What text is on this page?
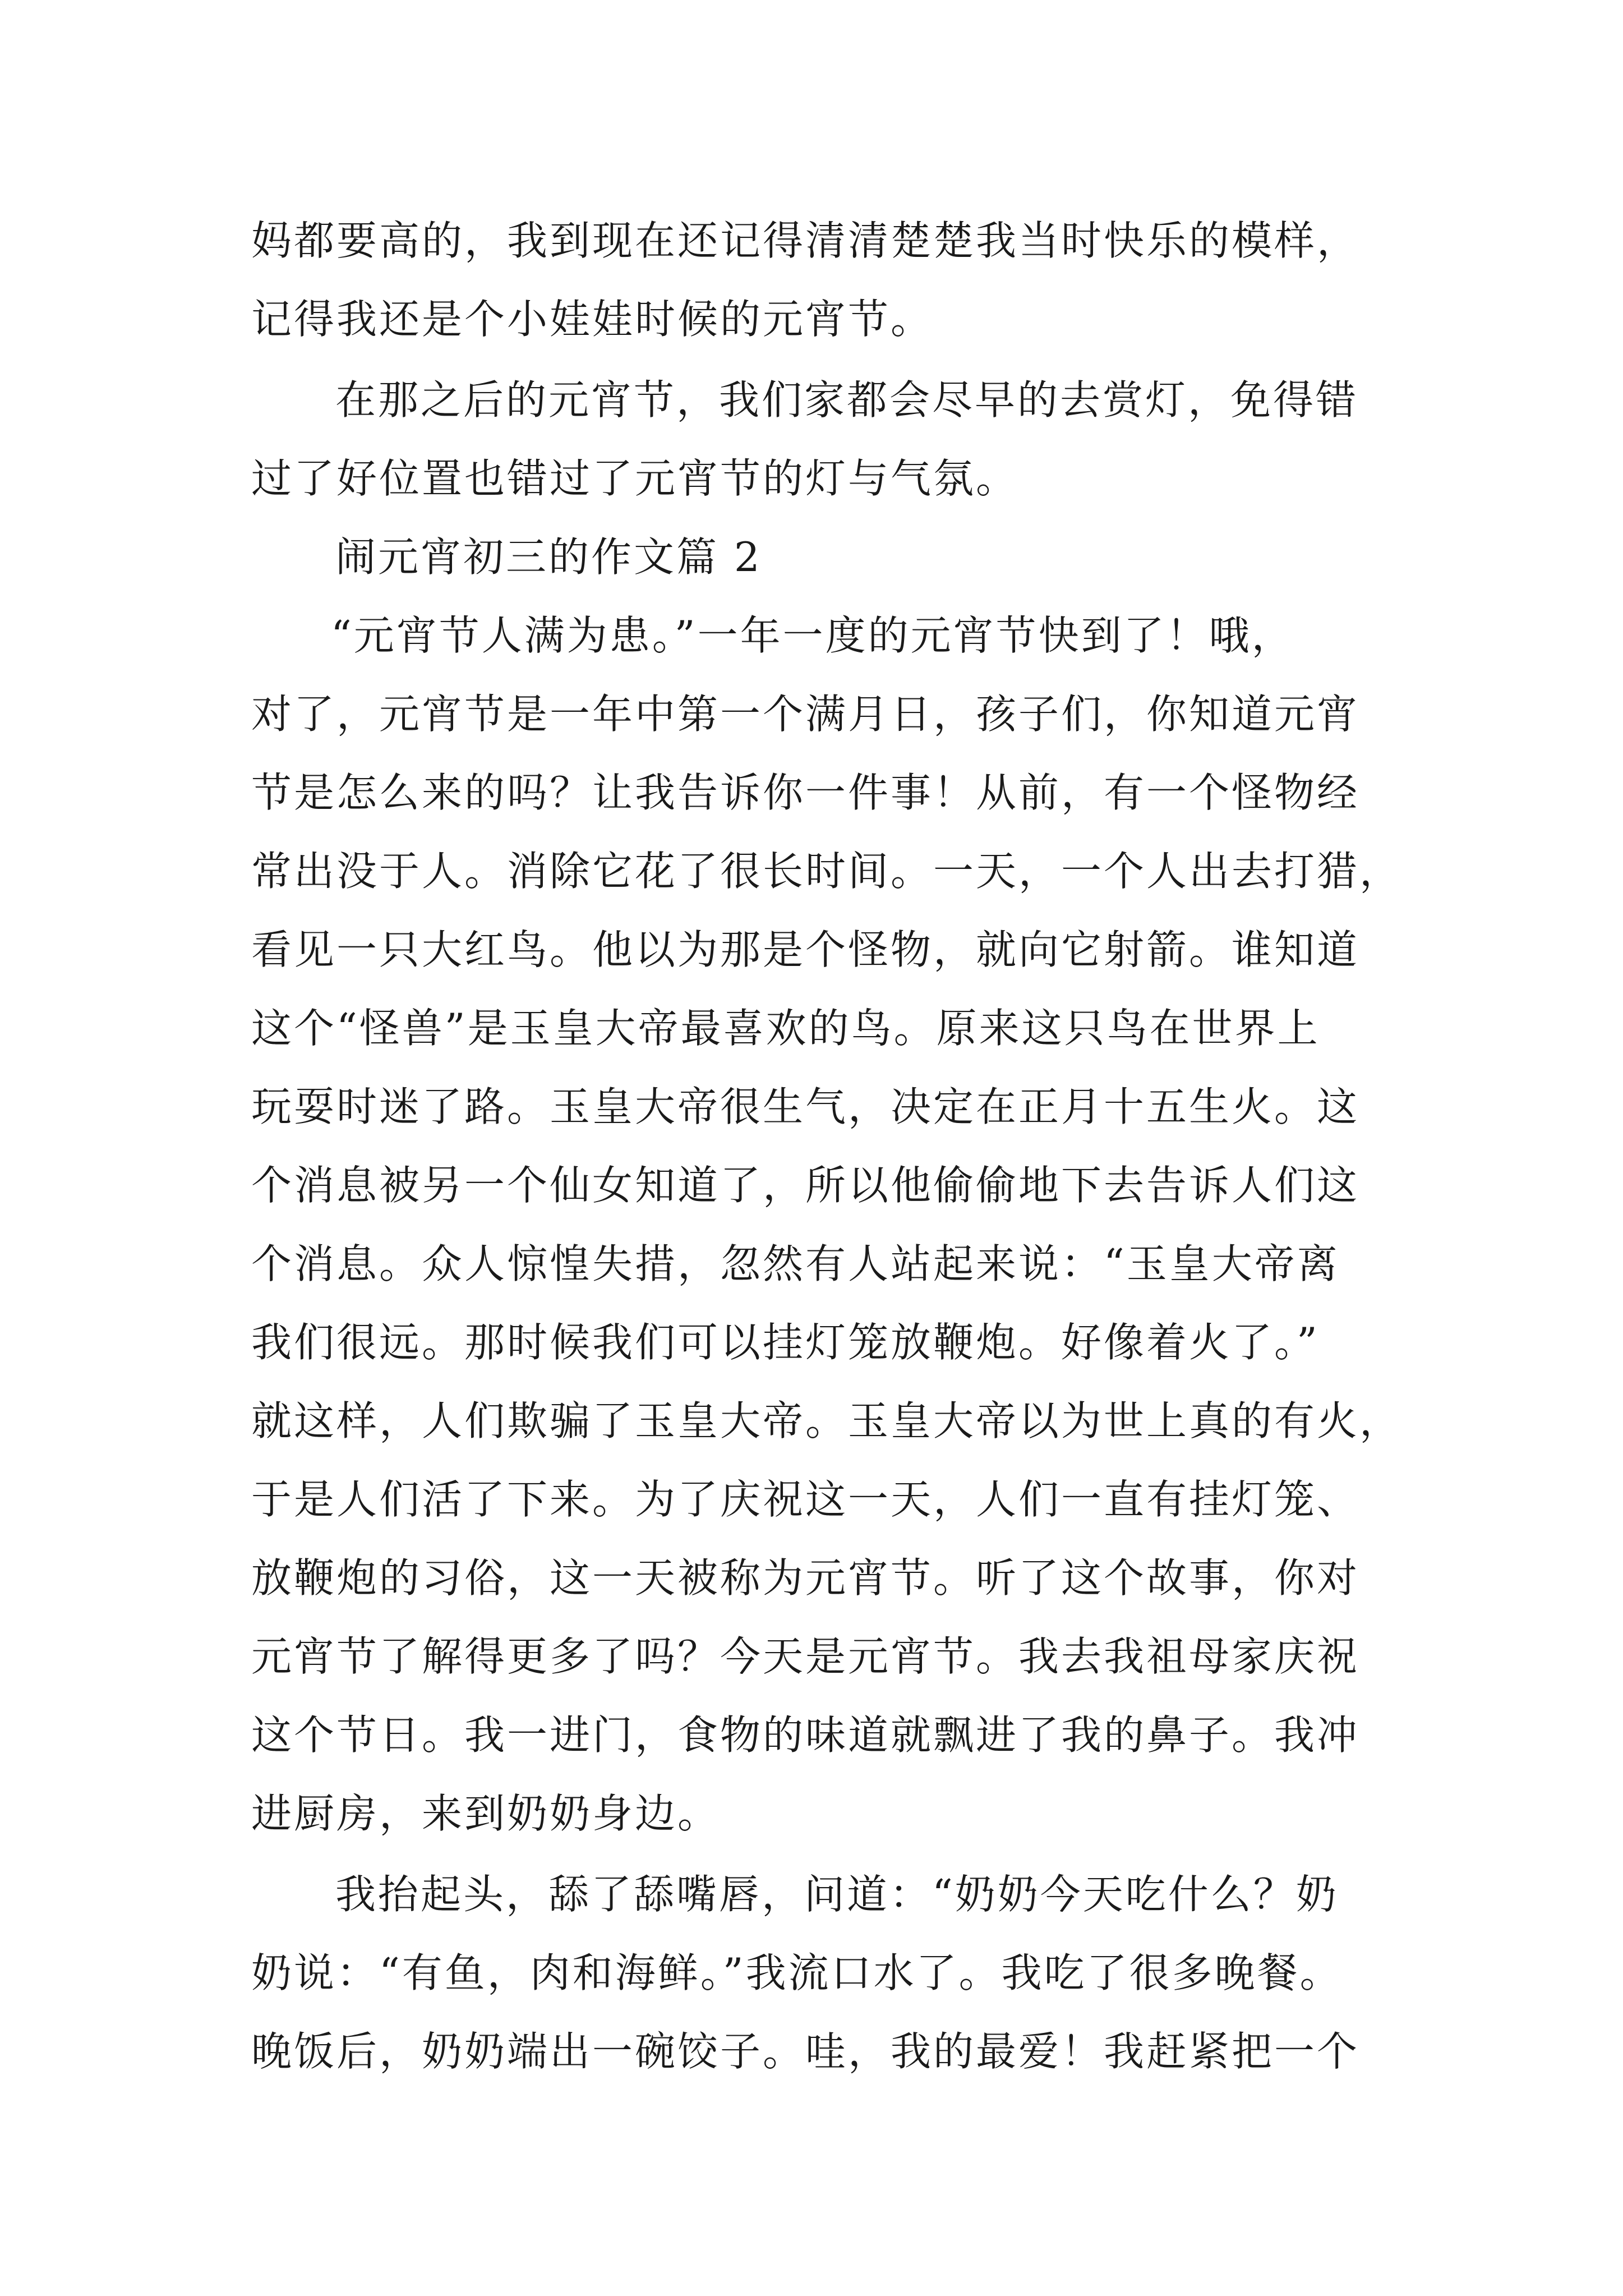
妈都要高的，我到现在还记得清清楚楚我当时快乐的模样，
记得我还是个小娃娃时候的元宵节。
在那之后的元宵节，我们家都会尽早的去赏灯，免得错
过了好位置也错过了元宵节的灯与气氛。
闹元宵初三的作文篇 2
“元宵节人满为患。”一年一度的元宵节快到了！哦，
对了，元宵节是一年中第一个满月日，孩子们，你知道元宵
节是怎么来的吗？让我告诉你一件事！从前，有一个怪物经
常出没于人。消除它花了很长时间。一天，一个人出去打猎，
看见一只大红鸟。他以为那是个怪物，就向它射箭。谁知道
这个“怪兽”是玉皇大帝最喜欢的鸟。原来这只鸟在世界上
玩耍时迷了路。玉皇大帝很生气，决定在正月十五生火。这
个消息被另一个仙女知道了，所以他偷偷地下去告诉人们这
个消息。众人惊惶失措，忽然有人站起来说：“玉皇大帝离
我们很远。那时候我们可以挂灯笼放鞭炮。好像着火了。”
就这样，人们欺骗了玉皇大帝。玉皇大帝以为世上真的有火，
于是人们活了下来。为了庆祝这一天，人们一直有挂灯笼、
放鞭炮的习俗，这一天被称为元宵节。听了这个故事，你对
元宵节了解得更多了吗？今天是元宵节。我去我祖母家庆祝
这个节日。我一进门，食物的味道就飘进了我的鼻子。我冲
进厨房，来到奶奶身边。
我抬起头，舔了舔嘴唇，问道：“奶奶今天吃什么？奶
奶说：“有鱼，肉和海鲜。”我流口水了。我吃了很多晚餐。
晚饭后，奶奶端出一碗饺子。哇，我的最爱！我赶紧把一个
